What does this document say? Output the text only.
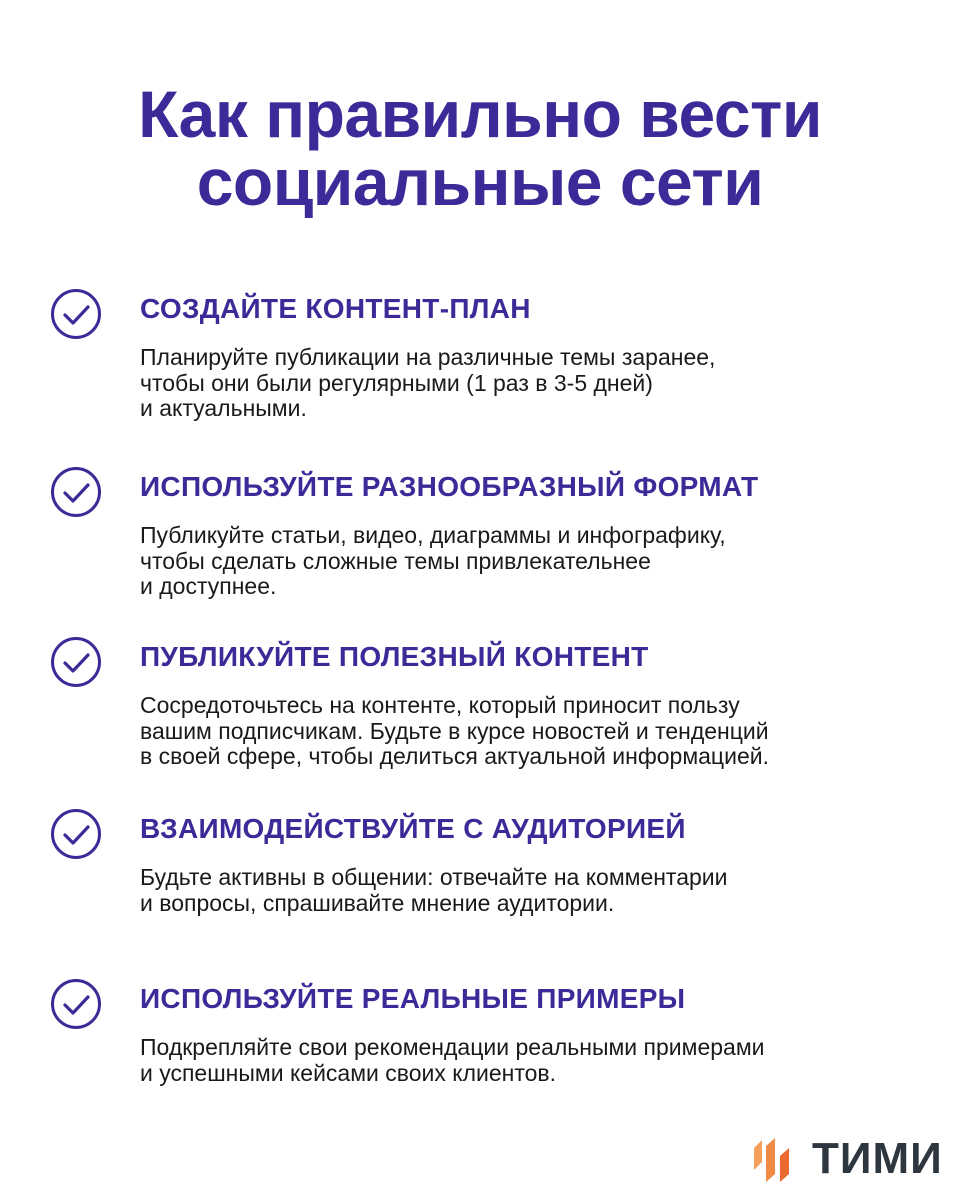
Как правильно вести
социальные сети
СОЗДАЙТЕ КОНТЕНТ-ПЛАН
Планируйте публикации на различные темы заранее,
чтобы они были регулярными (1 раз в 3-5 дней)
и актуальными.
ИСПОЛЬЗУЙТЕ РАЗНООБРАЗНЫЙ ФОРМАТ
Публикуйте статьи, видео, диаграммы и инфографику,
чтобы сделать сложные темы привлекательнее
и доступнее.
ПУБЛИКУЙТЕ ПОЛЕЗНЫЙ КОНТЕНТ
Сосредоточьтесь на контенте, который приносит пользу
вашим подписчикам. Будьте в курсе новостей и тенденций
в своей сфере, чтобы делиться актуальной информацией.
ВЗАИМОДЕЙСТВУЙТЕ С АУДИТОРИЕЙ
Будьте активны в общении: отвечайте на комментарии
и вопросы, спрашивайте мнение аудитории.
ИСПОЛЬЗУЙТЕ РЕАЛЬНЫЕ ПРИМЕРЫ
Подкрепляйте свои рекомендации реальными примерами
и успешными кейсами своих клиентов.
ТИМИ
